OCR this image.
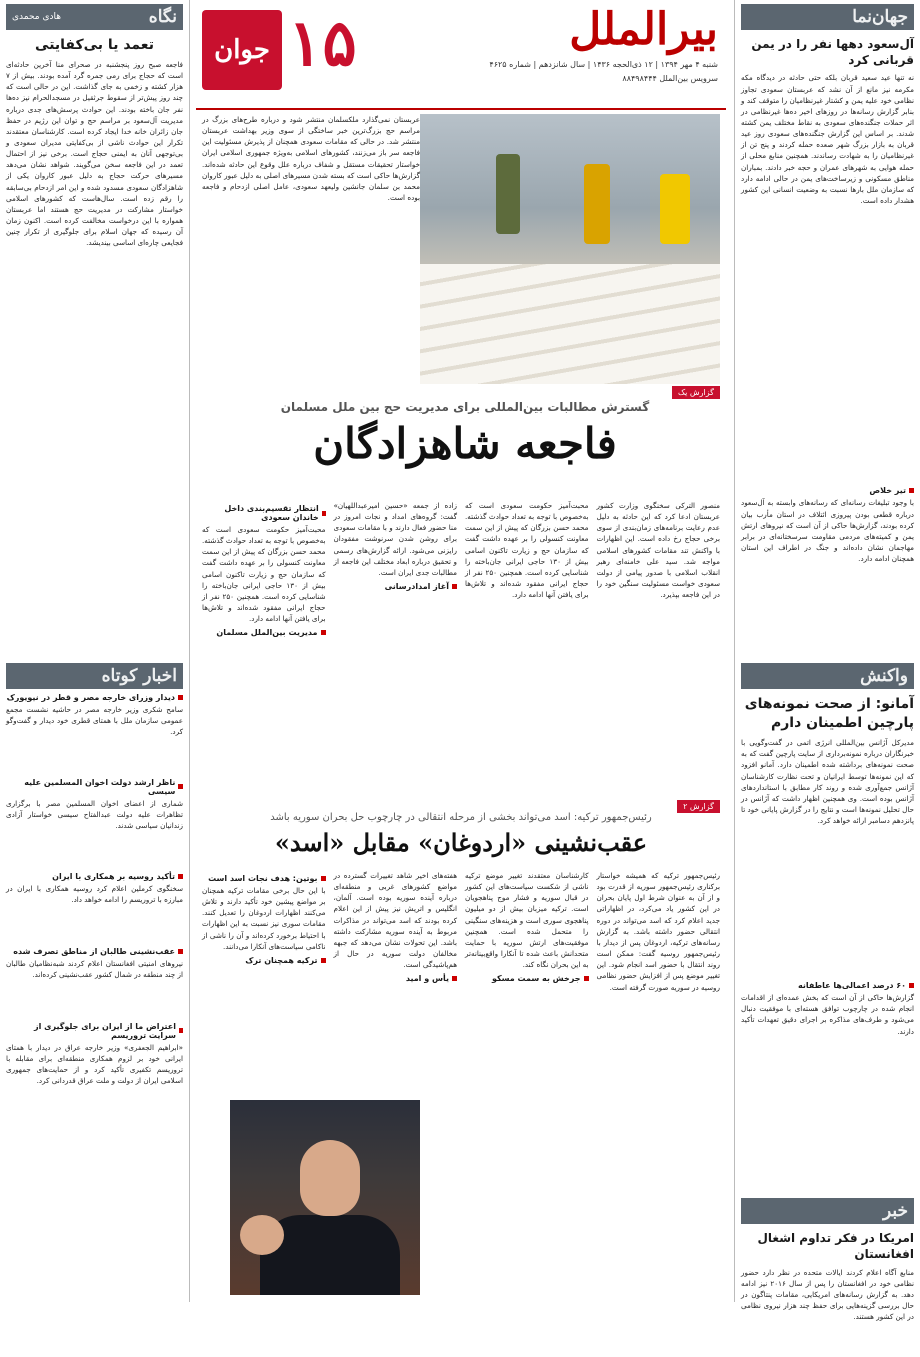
جهان‌نما
آل‌سعود دهها نفر را در یمن قربانی کرد
نه تنها عید سعید قربان بلکه حتی حادثه در دیدگاه مکه مکرمه نیز مانع از آن نشد که عربستان سعودی تجاوز نظامی خود علیه یمن و کشتار غیرنظامیان را متوقف کند و بنابر گزارش رسانه‌ها در روزهای اخیر ده‌ها غیرنظامی در اثر حملات جنگنده‌های سعودی به نقاط مختلف یمن کشته شدند. بر اساس این گزارش جنگنده‌های سعودی روز عید قربان به بازار بزرگ شهر صعده حمله کردند و پنج تن از غیرنظامیان را به شهادت رساندند. همچنین منابع محلی از حمله هوایی به شهرهای عمران و حجه خبر دادند. بمباران مناطق مسکونی و زیرساخت‌های یمن در حالی ادامه دارد که سازمان ملل بارها نسبت به وضعیت انسانی این کشور هشدار داده است.
تیر خلاص
با وجود تبلیغات رسانه‌ای که رسانه‌های وابسته به آل‌سعود درباره قطعی بودن پیروزی ائتلاف در استان مأرب بیان کرده بودند، گزارش‌ها حاکی از آن است که نیروهای ارتش یمن و کمیته‌های مردمی مقاومت سرسختانه‌ای در برابر مهاجمان نشان داده‌اند و جنگ در اطراف این استان همچنان ادامه دارد.
واکنش
آمانو: از صحت نمونه‌های پارچین اطمینان دارم
مدیرکل آژانس بین‌المللی انرژی اتمی در گفت‌وگویی با خبرنگاران درباره نمونه‌برداری از سایت پارچین گفت که به صحت نمونه‌های برداشته شده اطمینان دارد. آمانو افزود که این نمونه‌ها توسط ایرانیان و تحت نظارت کارشناسان آژانس جمع‌آوری شده و روند کار مطابق با استانداردهای آژانس بوده است. وی همچنین اظهار داشت که آژانس در حال تحلیل نمونه‌ها است و نتایج را در گزارش پایانی خود تا پانزدهم دسامبر ارائه خواهد کرد.
۶۰ درصد اعمالی‌ها عاطفانه
گزارش‌ها حاکی از آن است که بخش عمده‌ای از اقدامات انجام شده در چارچوب توافق هسته‌ای با موفقیت دنبال می‌شود و طرف‌های مذاکره بر اجرای دقیق تعهدات تأکید دارند.
خبر
امریکا در فکر تداوم اشغال افغانستان
منابع آگاه اعلام کردند ایالات متحده در نظر دارد حضور نظامی خود در افغانستان را پس از سال ۲۰۱۶ نیز ادامه دهد. به گزارش رسانه‌های امریکایی، مقامات پنتاگون در حال بررسی گزینه‌هایی برای حفظ چند هزار نیروی نظامی در این کشور هستند.
نگاه
هادی محمدی
تعمد یا بی‌کفایتی
فاجعه صبح روز پنجشنبه در صحرای منا آخرین حادثه‌ای است که حجاج برای رمی جمره گرد آمده بودند. بیش از ۷ هزار کشته و زخمی به جای گذاشت. این در حالی است که چند روز پیش‌تر از سقوط جرثقیل در مسجدالحرام نیز ده‌ها نفر جان باخته بودند. این حوادث پرسش‌های جدی درباره مدیریت آل‌سعود بر مراسم حج و توان این رژیم در حفظ جان زائران خانه خدا ایجاد کرده است. کارشناسان معتقدند تکرار این حوادث ناشی از بی‌کفایتی مدیران سعودی و بی‌توجهی آنان به ایمنی حجاج است. برخی نیز از احتمال تعمد در این فاجعه سخن می‌گویند. شواهد نشان می‌دهد مسیرهای حرکت حجاج به دلیل عبور کاروان یکی از شاهزادگان سعودی مسدود شده و این امر ازدحام بی‌سابقه را رقم زده است. سال‌هاست که کشورهای اسلامی خواستار مشارکت در مدیریت حج هستند اما عربستان همواره با این درخواست مخالفت کرده است. اکنون زمان آن رسیده که جهان اسلام برای جلوگیری از تکرار چنین فجایعی چاره‌ای اساسی بیندیشد.
اخبار کوتاه
دیدار وزرای خارجه مصر و قطر در نیویورک
سامح شکری وزیر خارجه مصر در حاشیه نشست مجمع عمومی سازمان ملل با همتای قطری خود دیدار و گفت‌وگو کرد.
ناظر ارشد دولت اخوان المسلمین علیه سیسی
شماری از اعضای اخوان المسلمین مصر با برگزاری تظاهرات علیه دولت عبدالفتاح سیسی خواستار آزادی زندانیان سیاسی شدند.
تأکید روسیه بر همکاری با ایران
سخنگوی کرملین اعلام کرد روسیه همکاری با ایران در مبارزه با تروریسم را ادامه خواهد داد.
عقب‌نشینی طالبان از مناطق تصرف شده
نیروهای امنیتی افغانستان اعلام کردند شبه‌نظامیان طالبان از چند منطقه در شمال کشور عقب‌نشینی کرده‌اند.
اعتراض ما از ایران برای جلوگیری از سرایت تروریسم
«ابراهیم الجعفری» وزیر خارجه عراق در دیدار با همتای ایرانی خود بر لزوم همکاری منطقه‌ای برای مقابله با تروریسم تکفیری تأکید کرد و از حمایت‌های جمهوری اسلامی ایران از دولت و ملت عراق قدردانی کرد.
بیرالملل
شنبه ۴ مهر ۱۳۹۴ | ۱۲ ذی‌الحجه ۱۴۳۶ | سال شانزدهم | شماره ۴۶۲۵
سرویس بین‌الملل ۸۸۴۹۸۴۴۴
جوان ۱۵
گزارش یک
عربستان نمی‌گذارد ملکسلمان منتشر شود و درباره طرح‌های بزرگ در مراسم حج بزرگ‌ترین خبر ساختگی از سوی وزیر بهداشت عربستان منتشر شد. در حالی که مقامات سعودی همچنان از پذیرش مسئولیت این فاجعه سر باز می‌زنند، کشورهای اسلامی به‌ویژه جمهوری اسلامی ایران خواستار تحقیقات مستقل و شفاف درباره علل وقوع این حادثه شده‌اند. گزارش‌ها حاکی است که بسته شدن مسیرهای اصلی به دلیل عبور کاروان محمد بن سلمان جانشین ولیعهد سعودی، عامل اصلی ازدحام و فاجعه بوده است.
گسترش مطالبات بین‌المللی برای مدیریت حج بین ملل مسلمان
فاجعه شاهزادگان
منصور الترکی سخنگوی وزارت کشور عربستان ادعا کرد که این حادثه به دلیل عدم رعایت برنامه‌های زمان‌بندی از سوی برخی حجاج رخ داده است. این اظهارات با واکنش تند مقامات کشورهای اسلامی مواجه شد. سید علی خامنه‌ای رهبر انقلاب اسلامی با صدور پیامی از دولت سعودی خواست مسئولیت سنگین خود را در این فاجعه بپذیرد.
محبت‌آمیز حکومت سعودی است که به‌خصوص با توجه به تعداد حوادث گذشته. محمد حسن بزرگان که پیش از این سمت معاونت کنسولی را بر عهده داشت گفت که سازمان حج و زیارت تاکنون اسامی بیش از ۱۳۰ حاجی ایرانی جان‌باخته را شناسایی کرده است. همچنین ۲۵۰ نفر از حجاج ایرانی مفقود شده‌اند و تلاش‌ها برای یافتن آنها ادامه دارد.
زاده از جمعه «حسین امیرعبداللهیان» گفت: گروه‌های امداد و نجات امروز در منا حضور فعال دارند و با مقامات سعودی برای روشن شدن سرنوشت مفقودان رایزنی می‌شود. ارائه گزارش‌های رسمی و تحقیق درباره ابعاد مختلف این فاجعه از مطالبات جدی ایران است.
آغاز امدادرسانی
انتظار تقسیم‌بندی داخل خاندان سعودی
محبت‌آمیز حکومت سعودی است که به‌خصوص با توجه به تعداد حوادث گذشته. محمد حسن بزرگان که پیش از این سمت معاونت کنسولی را بر عهده داشت گفت که سازمان حج و زیارت تاکنون اسامی بیش از ۱۳۰ حاجی ایرانی جان‌باخته را شناسایی کرده است. همچنین ۲۵۰ نفر از حجاج ایرانی مفقود شده‌اند و تلاش‌ها برای یافتن آنها ادامه دارد.
مدیریت بین‌الملل مسلمان
گزارش ۲
رئیس‌جمهور ترکیه: اسد می‌تواند بخشی از مرحله انتقالی در چارچوب حل بحران سوریه باشد
عقب‌نشینی «اردوغان» مقابل «اسد»
رئیس‌جمهور ترکیه که همیشه خواستار برکناری رئیس‌جمهور سوریه از قدرت بود و از آن به عنوان شرط اول پایان بحران در این کشور یاد می‌کرد، در اظهاراتی جدید اعلام کرد که اسد می‌تواند در دوره انتقالی حضور داشته باشد. به گزارش رسانه‌های ترکیه، اردوغان پس از دیدار با رئیس‌جمهور روسیه گفت: ممکن است روند انتقال با حضور اسد انجام شود. این تغییر موضع پس از افزایش حضور نظامی روسیه در سوریه صورت گرفته است.
کارشناسان معتقدند تغییر موضع ترکیه ناشی از شکست سیاست‌های این کشور در قبال سوریه و فشار موج پناهجویان است. ترکیه میزبان بیش از دو میلیون پناهجوی سوری است و هزینه‌های سنگینی را متحمل شده است. همچنین موفقیت‌های ارتش سوریه با حمایت متحدانش باعث شده تا آنکارا واقع‌بینانه‌تر به این بحران نگاه کند.
جرخش به سمت مسکو
هفته‌های اخیر شاهد تغییرات گسترده در مواضع کشورهای غربی و منطقه‌ای درباره آینده سوریه بوده است. آلمان، انگلیس و اتریش نیز پیش از این اعلام کرده بودند که اسد می‌تواند در مذاکرات مربوط به آینده سوریه مشارکت داشته باشد. این تحولات نشان می‌دهد که جبهه مخالفان دولت سوریه در حال از هم‌پاشیدگی است.
یأس و امید
بوتین: هدف نجات اسد است
با این حال برخی مقامات ترکیه همچنان بر مواضع پیشین خود تأکید دارند و تلاش می‌کنند اظهارات اردوغان را تعدیل کنند. مقامات سوری نیز نسبت به این اظهارات با احتیاط برخورد کرده‌اند و آن را ناشی از ناکامی سیاست‌های آنکارا می‌دانند.
ترکیه همچنان ترک
